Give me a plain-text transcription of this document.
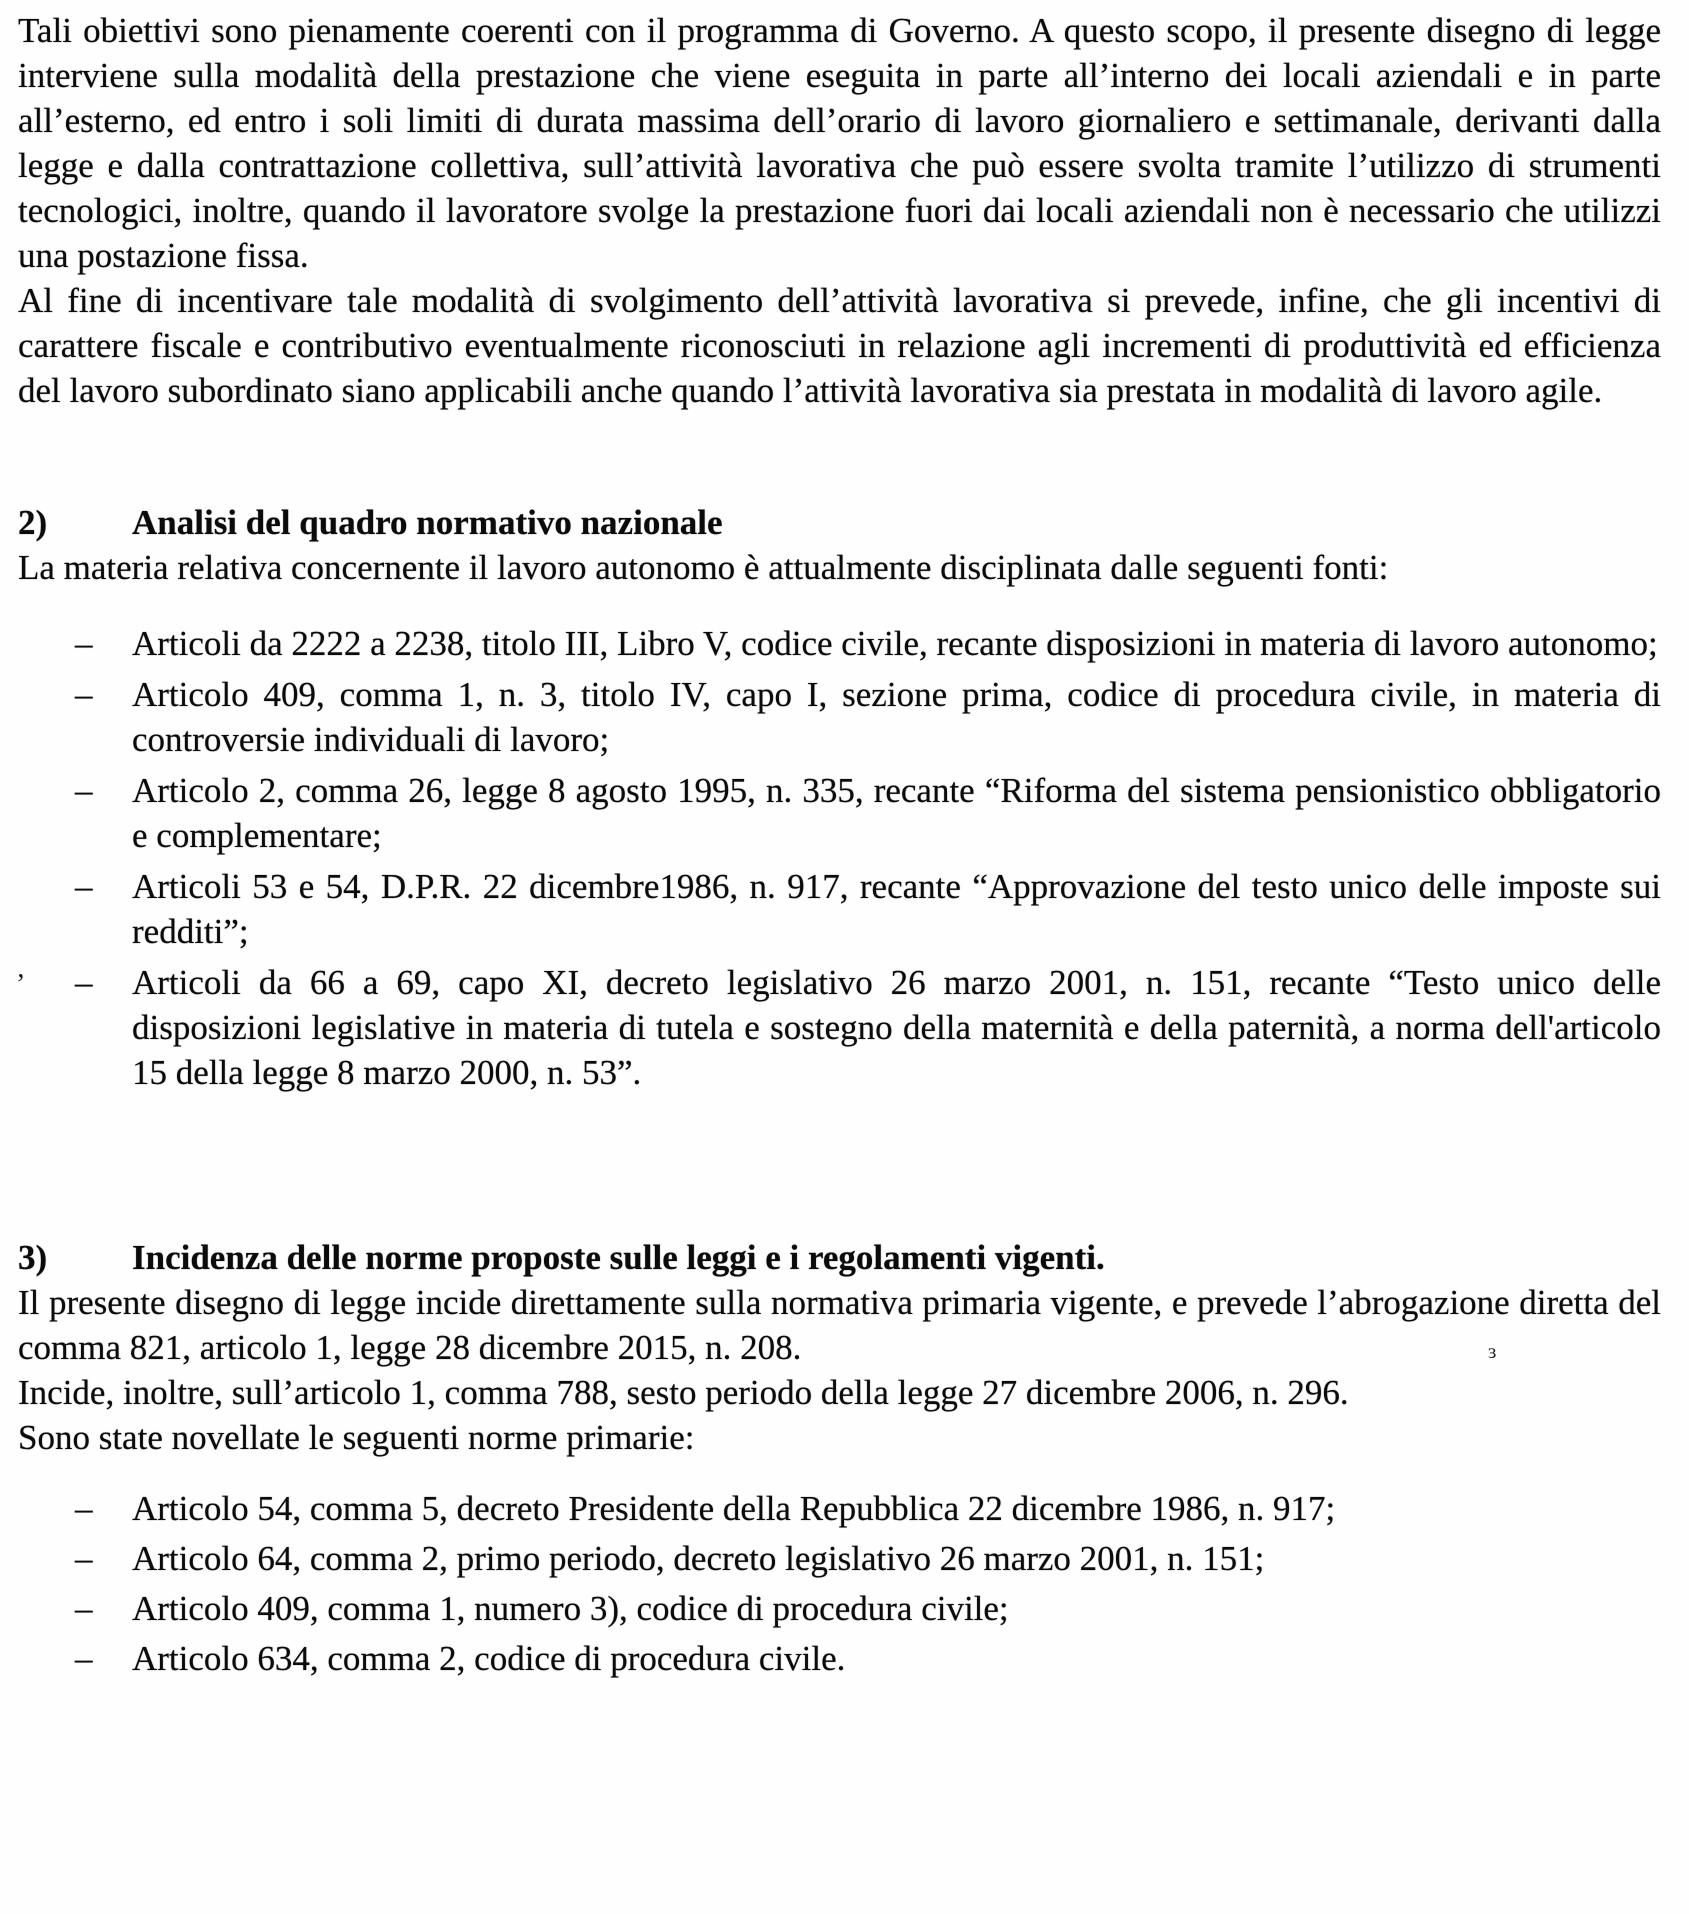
Tali obiettivi sono pienamente coerenti con il programma di Governo. A questo scopo, il presente disegno di legge interviene sulla modalità della prestazione che viene eseguita in parte all’interno dei locali aziendali e in parte all’esterno, ed entro i soli limiti di durata massima dell’orario di lavoro giornaliero e settimanale, derivanti dalla legge e dalla contrattazione collettiva, sull’attività lavorativa che può essere svolta tramite l’utilizzo di strumenti tecnologici, inoltre, quando il lavoratore svolge la prestazione fuori dai locali aziendali non è necessario che utilizzi una postazione fissa.

Al fine di incentivare tale modalità di svolgimento dell’attività lavorativa si prevede, infine, che gli incentivi di carattere fiscale e contributivo eventualmente riconosciuti in relazione agli incrementi di produttività ed efficienza del lavoro subordinato siano applicabili anche quando l’attività lavorativa sia prestata in modalità di lavoro agile.

2)	Analisi del quadro normativo nazionale

La materia relativa concernente il lavoro autonomo è attualmente disciplinata dalle seguenti fonti:

–	Articoli da 2222 a 2238, titolo III, Libro V, codice civile, recante disposizioni in materia di lavoro autonomo;
–	Articolo 409, comma 1, n. 3, titolo IV, capo I, sezione prima, codice di procedura civile, in materia di controversie individuali di lavoro;
–	Articolo 2, comma 26, legge 8 agosto 1995, n. 335, recante “Riforma del sistema pensionistico obbligatorio e complementare;
–	Articoli 53 e 54, D.P.R. 22 dicembre1986, n. 917, recante “Approvazione del testo unico delle imposte sui redditi”;
–	Articoli da 66 a 69, capo XI, decreto legislativo 26 marzo 2001, n. 151, recante “Testo unico delle disposizioni legislative in materia di tutela e sostegno della maternità e della paternità, a norma dell'articolo 15 della legge 8 marzo 2000, n. 53”.
3)	Incidenza delle norme proposte sulle leggi e i regolamenti vigenti.

Il presente disegno di legge incide direttamente sulla normativa primaria vigente, e prevede l’abrogazione diretta del comma 821, articolo 1, legge 28 dicembre 2015, n. 208.

Incide, inoltre, sull’articolo 1, comma 788, sesto periodo della legge 27 dicembre 2006, n. 296.

Sono state novellate le seguenti norme primarie:

–	Articolo 54, comma 5, decreto Presidente della Repubblica 22 dicembre 1986, n. 917;
–	Articolo 64, comma 2, primo periodo, decreto legislativo 26 marzo 2001, n. 151;
–	Articolo 409, comma 1, numero 3), codice di procedura civile;
–	Articolo 634, comma 2, codice di procedura civile.
’
ɜ
